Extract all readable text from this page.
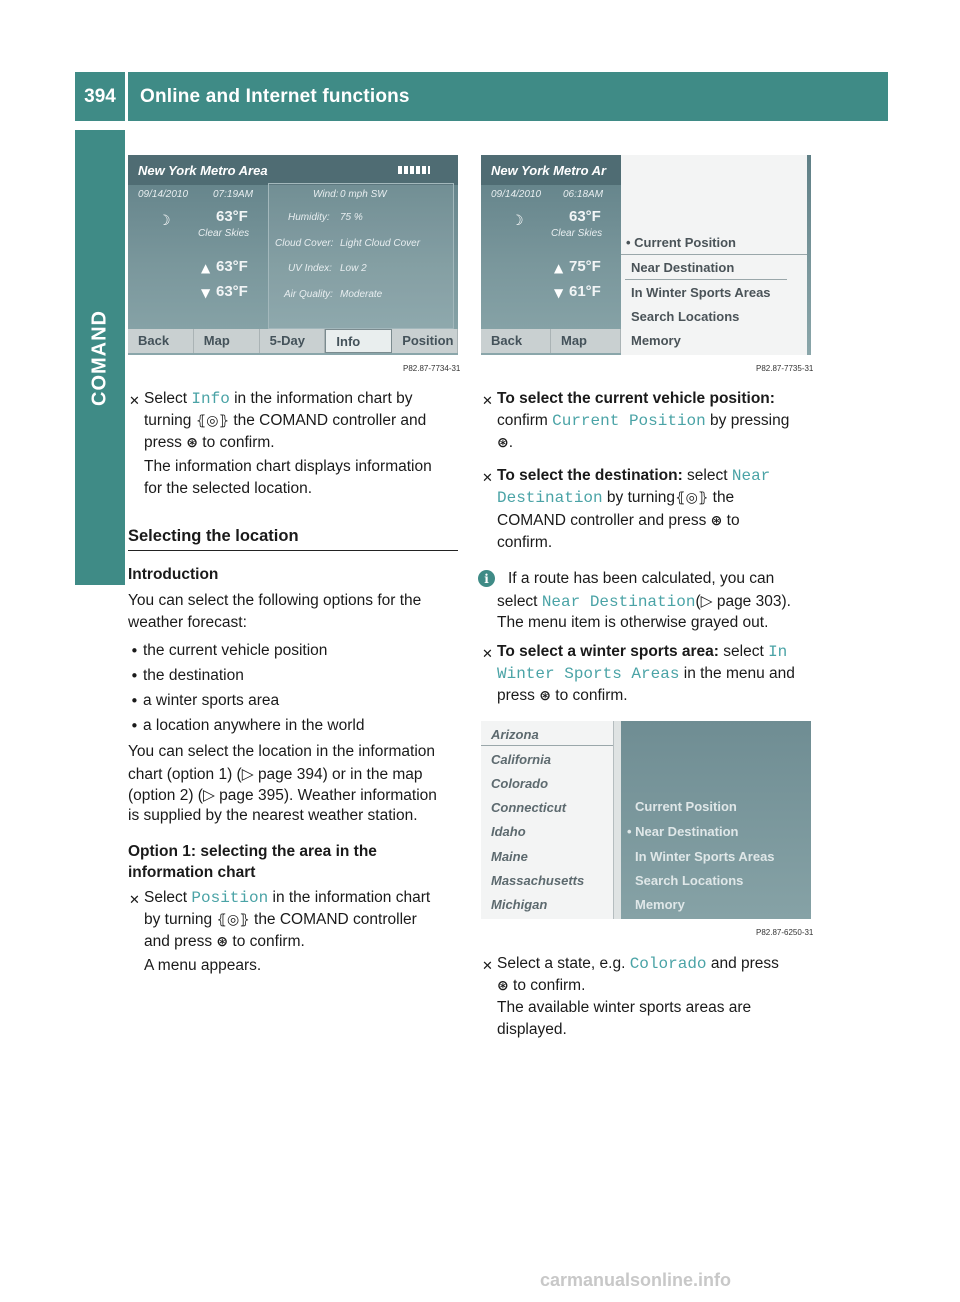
394	Online and Internet functions
COMAND
New York Metro Area
09/14/2010 07:19AM
☽	63°F
Clear Skies
▲ 63°F
▼ 63°F
Wind: 0 mph SW
Humidity: 75 %
Cloud Cover: Light Cloud Cover
UV Index: Low 2
Air Quality: Moderate
Back	Map	5-Day	Info	Position
P82.87-7734-31
New York Metro Ar
09/14/2010 06:18AM
☽	63°F
Clear Skies
▲ 75°F
▼ 61°F
Back	Map
• Current Position
Near Destination
In Winter Sports Areas
Search Locations
Memory
P82.87-7735-31
✕ Select Info in the information chart by
turning ⦃◎⦄ the COMAND controller and
press ⊛ to confirm.
The information chart displays information
for the selected location.
Selecting the location
Introduction
You can select the following options for the
weather forecast:
• the current vehicle position
• the destination
• a winter sports area
• a location anywhere in the world
You can select the location in the information
chart (option 1) (▷ page 394) or in the map
(option 2) (▷ page 395). Weather information
is supplied by the nearest weather station.
Option 1: selecting the area in the
information chart
✕ Select Position in the information chart
by turning ⦃◎⦄ the COMAND controller
and press ⊛ to confirm.
A menu appears.
✕ To select the current vehicle position:
confirm Current Position by pressing
⊛.
✕ To select the destination: select Near
Destination by turning⦃◎⦄ the
COMAND controller and press ⊛ to
confirm.
i	If a route has been calculated, you can
select Near Destination(▷ page 303).
The menu item is otherwise grayed out.
✕ To select a winter sports area: select In
Winter Sports Areas in the menu and
press ⊛ to confirm.
Arizona
California
Colorado
Connecticut
Idaho
Maine
Massachusetts
Michigan
Current Position
• Near Destination
In Winter Sports Areas
Search Locations
Memory
P82.87-6250-31
✕ Select a state, e.g. Colorado and press
⊛ to confirm.
The available winter sports areas are
displayed.
carmanualsonline.info
